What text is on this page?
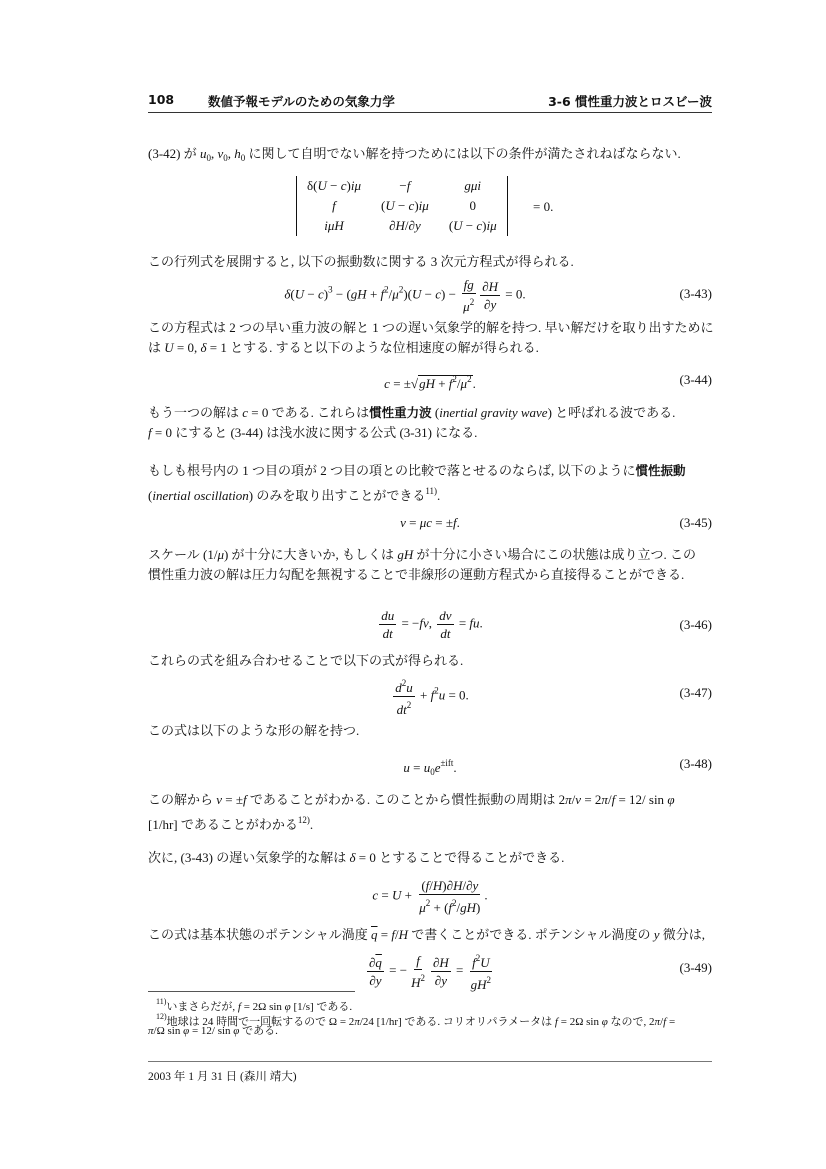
108	数値予報モデルのための気象力学	3-6 慣性重力波とロスビー波
(3-42) が $u_0$, $v_0$, $h_0$ に関して自明でない解を持つためには以下の条件が満たされねばならない.
δ(U − c)iμ	−f	gμi
f	(U − c)iμ	0
iμH	∂H/∂y	(U − c)iμ
= 0.
この行列式を展開すると, 以下の振動数に関する 3 次元方程式が得られる.
$\delta(U - c)^3 - (gH + f^2/\mu^2)(U - c) - \frac{fg}{\mu^2} \frac{\partial H}{\partial y} = 0$.	(3-43)
この方程式は 2 つの早い重力波の解と 1 つの遅い気象学的解を持つ. 早い解だけを取り出すために
は U = 0, δ = 1 とする. すると以下のような位相速度の解が得られる.
$c = \pm√gH + f^2/\mu^2$.	(3-44)
もう一つの解は c = 0 である. これらは慣性重力波 (inertial gravity wave) と呼ばれる波である.
f = 0 にすると (3-44) は浅水波に関する公式 (3-31) になる.
もしも根号内の 1 つ目の項が 2 つ目の項との比較で落とせるのならば, 以下のように慣性振動
(inertial oscillation) のみを取り出すことができる$^{11)}$.
ν = μc = ±f.	(3-45)
スケール (1/μ) が十分に大きいか, もしくは gH が十分に小さい場合にこの状態は成り立つ. この
慣性重力波の解は圧力勾配を無視することで非線形の運動方程式から直接得ることができる.
$\frac{du}{dt} = -fv$, $\frac{dv}{dt}$ = fu.	(3-46)
これらの式を組み合わせることで以下の式が得られる.
$\frac{d^2u}{dt^2} + f^2u = 0$.	(3-47)
この式は以下のような形の解を持つ.
$u = u_0e^{\pm ift}$.	(3-48)
この解から ν = ±f であることがわかる. このことから慣性振動の周期は 2π/ν = 2π/f = 12/ sin φ
[1/hr] であることがわかる$^{12)}$.
次に, (3-43) の遅い気象学的な解は δ = 0 とすることで得ることができる.
$c = U + \frac{(f/H)\partial H/\partial y}{\mu^2 + (f^2/gH)}$ .
この式は基本状態のポテンシャル渦度 $\overline{q} = f/H$ で書くことができる. ポテンシャル渦度の y 微分は,
$\frac{\partial\overline{q}}{\partial y}$ = − $\frac{f}{H^2} \frac{\partial H}{\partial y} = \frac{f^2U}{gH^2}$	(3-49)
$^{11)}$いまさらだが, f = 2Ω sin φ [1/s] である.
$^{12)}$地球は 24 時間で一回転するので Ω = 2π/24 [1/hr] である. コリオリパラメータは f = 2Ω sin φ なので, 2π/f =
π/Ω sin φ = 12/ sin φ である.
2003 年 1 月 31 日 (森川 靖大)
